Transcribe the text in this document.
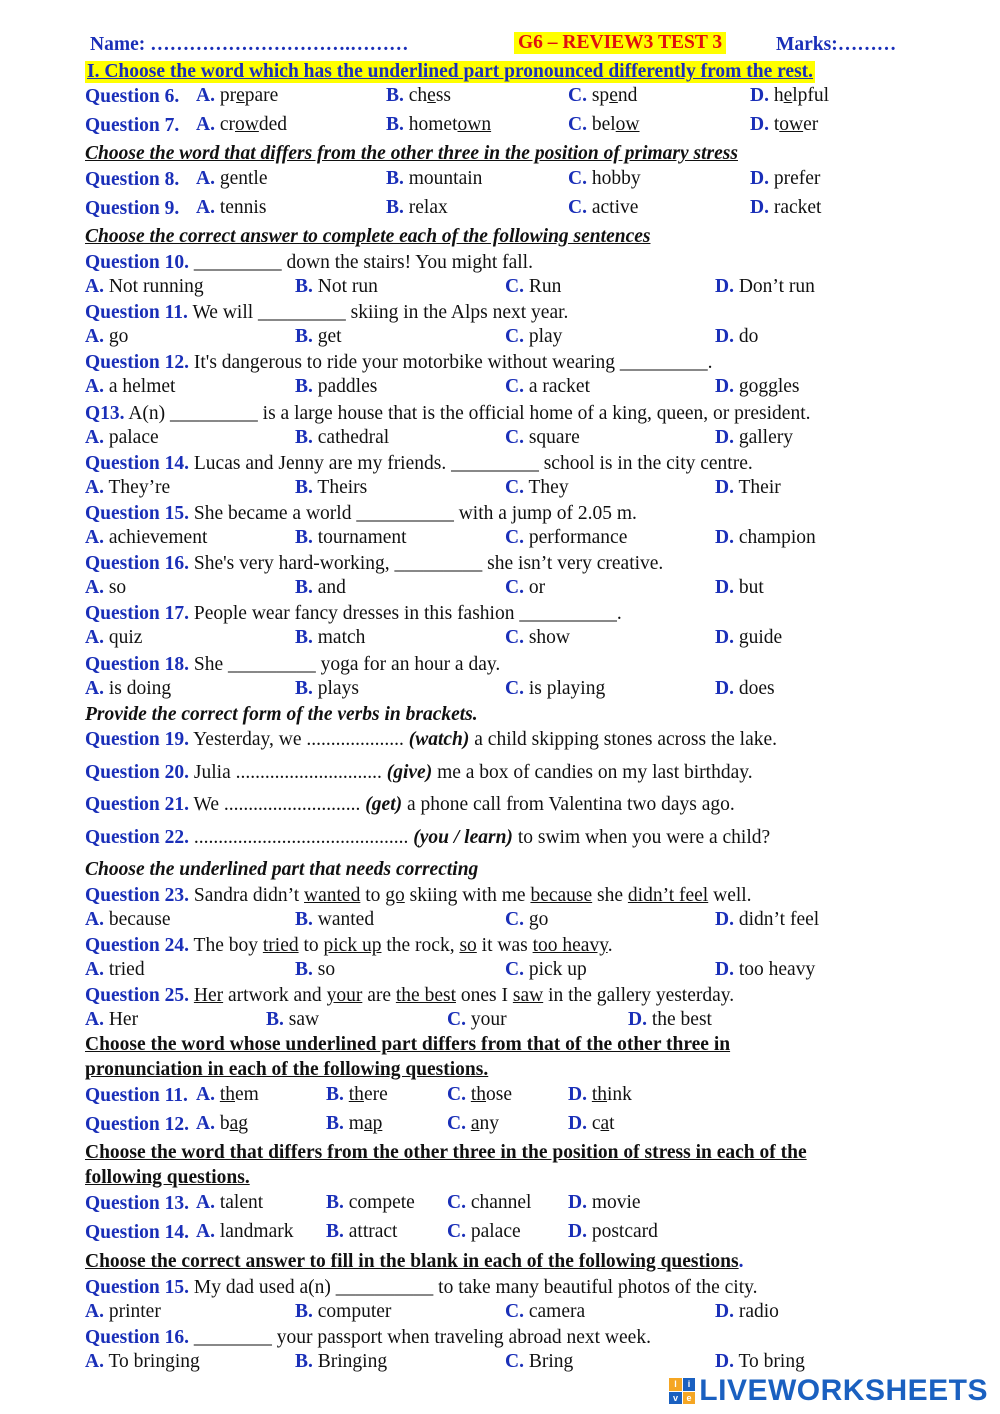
Name: ………………………….………	G6 – REVIEW3 TEST 3	Marks:………
I. Choose the word which has the underlined part pronounced differently from the rest.
Question 6. A. prepare	B. chess	C. spend	D. helpful
Question 7. A. crowded	B. hometown	C. below	D. tower
Choose the word that differs from the other three in the position of primary stress
Question 8. A. gentle	B. mountain	C. hobby	D. prefer
Question 9. A. tennis	B. relax	C. active	D. racket
Choose the correct answer to complete each of the following sentences
Question 10. _________ down the stairs! You might fall.
A. Not running	B. Not run	C. Run	D. Don’t run
Question 11. We will _________ skiing in the Alps next year.
A. go	B. get	C. play	D. do
Question 12. It's dangerous to ride your motorbike without wearing _________.
A. a helmet	B. paddles	C. a racket	D. goggles
Q13. A(n) _________ is a large house that is the official home of a king, queen, or president.
A. palace	B. cathedral	C. square	D. gallery
Question 14. Lucas and Jenny are my friends. _________ school is in the city centre.
A. They’re	B. Theirs	C. They	D. Their
Question 15. She became a world __________ with a jump of 2.05 m.
A. achievement	B. tournament	C. performance	D. champion
Question 16. She's very hard-working, _________ she isn’t very creative.
A. so	B. and	C. or	D. but
Question 17. People wear fancy dresses in this fashion __________.
A. quiz	B. match	C. show	D. guide
Question 18. She _________ yoga for an hour a day.
A. is doing	B. plays	C. is playing	D. does
Provide the correct form of the verbs in brackets.
Question 19. Yesterday, we .................... (watch) a child skipping stones across the lake.
Question 20. Julia .............................. (give) me a box of candies on my last birthday.
Question 21. We ............................ (get) a phone call from Valentina two days ago.
Question 22. ............................................ (you / learn) to swim when you were a child?
Choose the underlined part that needs correcting
Question 23. Sandra didn’t wanted to go skiing with me because she didn’t feel well.
A. because	B. wanted	C. go	D. didn’t feel
Question 24. The boy tried to pick up the rock, so it was too heavy.
A. tried	B. so	C. pick up	D. too heavy
Question 25. Her artwork and your are the best ones I saw in the gallery yesterday.
A. Her	B. saw	C. your	D. the best
Choose the word whose underlined part differs from that of the other three in
pronunciation in each of the following questions.
Question 11. A. them	B. there	C. those	D. think
Question 12. A. bag	B. map	C. any	D. cat
Choose the word that differs from the other three in the position of stress in each of the
following questions.
Question 13. A. talent	B. compete C. channel D. movie
Question 14. A. landmark B. attract	C. palace D. postcard
Choose the correct answer to fill in the blank in each of the following questions.
Question 15. My dad used a(n) __________ to take many beautiful photos of the city.
A. printer	B. computer	C. camera	D. radio
Question 16. ________ your passport when traveling abroad next week.
A. To bringing	B. Bringing	C. Bring	D. To bring
l	i
v e LIVEWORKSHEETS
